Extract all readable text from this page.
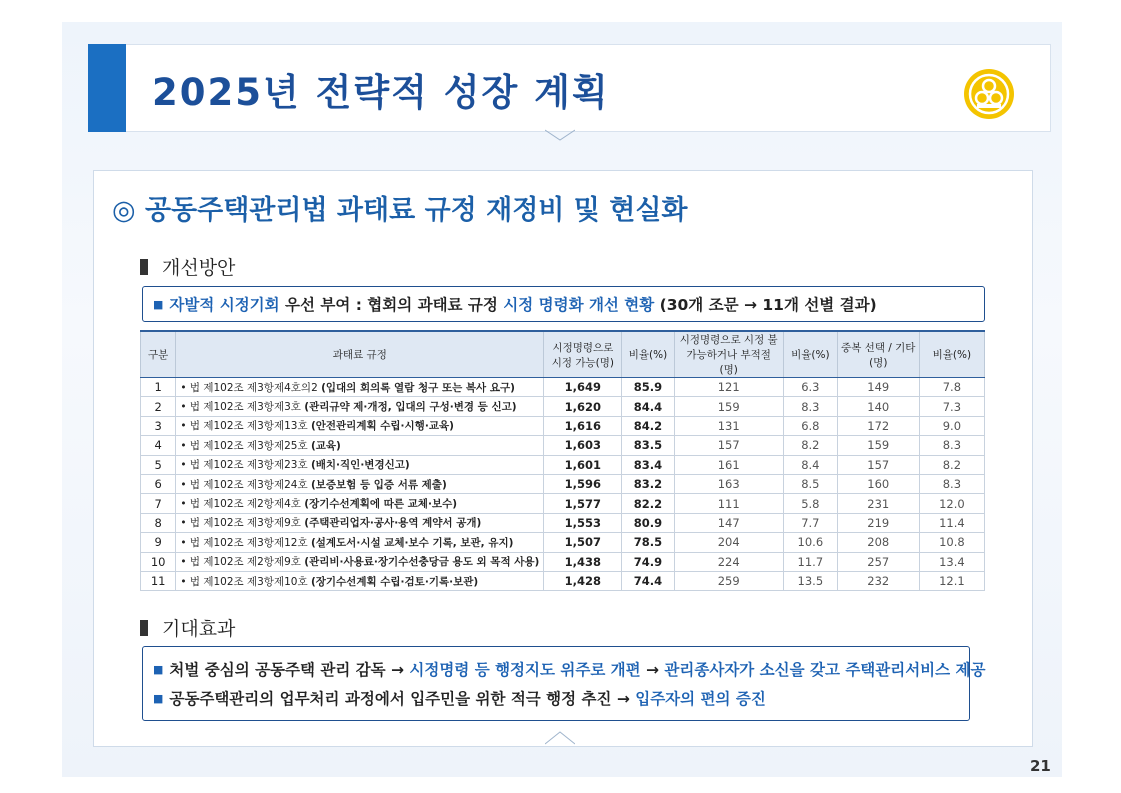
2025년 전략적 성장 계획
◎ 공동주택관리법 과태료 규정 재정비 및 현실화
개선방안
■ 자발적 시정기회 우선 부여 : 협회의 과태료 규정 시정 명령화 개선 현황 (30개 조문 → 11개 선별 결과)
구분	과태료 규정	시정명령으로 시정 가능(명)	비율(%)	시정명령으로 시정 불가능하거나 부적절(명)	비율(%)	중복 선택 / 기타 (명)	비율(%)
1	• 법 제102조 제3항제4호의2 (입대의 회의록 열람 청구 또는 복사 요구)	1,649	85.9	121	6.3	149	7.8
2	• 법 제102조 제3항제3호 (관리규약 제·개정, 입대의 구성·변경 등 신고)	1,620	84.4	159	8.3	140	7.3
3	• 법 제102조 제3항제13호 (안전관리계획 수립·시행·교육)	1,616	84.2	131	6.8	172	9.0
4	• 법 제102조 제3항제25호 (교육)	1,603	83.5	157	8.2	159	8.3
5	• 법 제102조 제3항제23호 (배치·직인·변경신고)	1,601	83.4	161	8.4	157	8.2
6	• 법 제102조 제3항제24호 (보증보험 등 입증 서류 제출)	1,596	83.2	163	8.5	160	8.3
7	• 법 제102조 제2항제4호 (장기수선계획에 따른 교체·보수)	1,577	82.2	111	5.8	231	12.0
8	• 법 제102조 제3항제9호 (주택관리업자·공사·용역 계약서 공개)	1,553	80.9	147	7.7	219	11.4
9	• 법 제102조 제3항제12호 (설계도서·시설 교체·보수 기록, 보관, 유지)	1,507	78.5	204	10.6	208	10.8
10	• 법 제102조 제2항제9호 (관리비·사용료·장기수선충당금 용도 외 목적 사용)	1,438	74.9	224	11.7	257	13.4
11	• 법 제102조 제3항제10호 (장기수선계획 수립·검토·기록·보관)	1,428	74.4	259	13.5	232	12.1
기대효과
■ 처벌 중심의 공동주택 관리 감독 → 시정명령 등 행정지도 위주로 개편 → 관리종사자가 소신을 갖고 주택관리서비스 제공
■ 공동주택관리의 업무처리 과정에서 입주민을 위한 적극 행정 추진 → 입주자의 편의 증진
21
